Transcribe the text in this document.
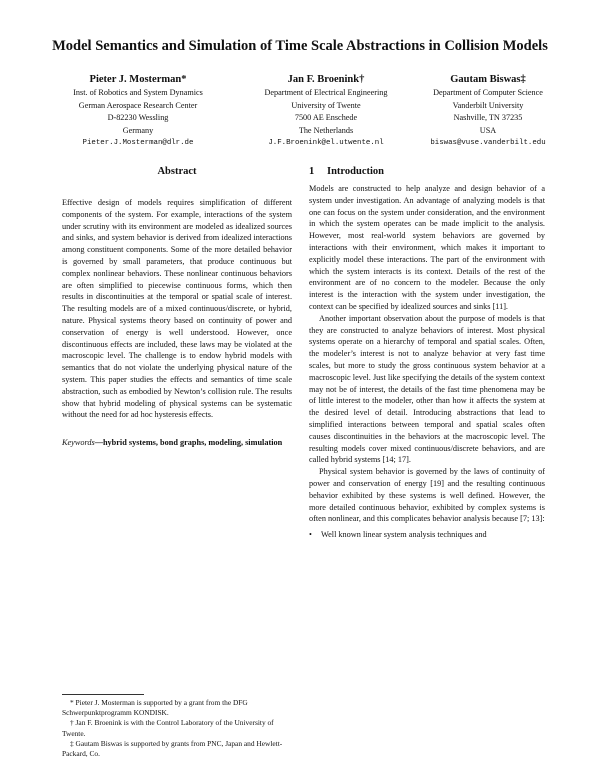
Model Semantics and Simulation of Time Scale Abstractions in Collision Models
Pieter J. Mosterman*
Inst. of Robotics and System Dynamics
German Aerospace Research Center
D-82230 Wessling
Germany
Pieter.J.Mosterman@dlr.de
Jan F. Broenink†
Department of Electrical Engineering
University of Twente
7500 AE Enschede
The Netherlands
J.F.Broenink@el.utwente.nl
Gautam Biswas‡
Department of Computer Science
Vanderbilt University
Nashville, TN 37235
USA
biswas@vuse.vanderbilt.edu
Abstract

Effective design of models requires simplification of different components of the system. For example, interactions of the system under scrutiny with its environment are modeled as idealized sources and sinks, and system behavior is derived from idealized interactions among constituent components. Some of the more detailed behavior is governed by small parameters, that produce continuous but complex nonlinear behaviors. These nonlinear continuous behaviors are often simplified to piecewise continuous forms, which then results in discontinuities at the temporal or spatial scale of interest. The resulting models are of a mixed continuous/discrete, or hybrid, nature. Physical systems theory based on continuity of power and conservation of energy is well understood. However, once discontinuous effects are included, these laws may be violated at the macroscopic level. The challenge is to endow hybrid models with semantics that do not violate the underlying physical nature of the system. This paper studies the effects and semantics of time scale abstraction, such as embodied by Newton’s collision rule. The results show that hybrid modeling of physical systems can be systematic without the need for ad hoc hysteresis effects.

Keywords—hybrid systems, bond graphs, modeling, simulation

* Pieter J. Mosterman is supported by a grant from the DFG Schwerpunktprogramm KONDISK.

† Jan F. Broenink is with the Control Laboratory of the University of Twente.

‡ Gautam Biswas is supported by grants from PNC, Japan and Hewlett-Packard, Co.

1 Introduction

Models are constructed to help analyze and design behavior of a system under investigation. An advantage of analyzing models is that one can focus on the system under consideration, and the environment in which the system operates can be made implicit to the analysis. However, most real-world system behaviors are governed by interactions with their environment, which makes it important to explicitly model these interactions. The part of the environment with which the system interacts is its context. Details of the rest of the environment are of no concern to the modeler. Because the only interest is the interaction with the system under investigation, the context can be specified by idealized sources and sinks [11].

Another important observation about the purpose of models is that they are constructed to analyze behaviors of interest. Most physical systems operate on a hierarchy of temporal and spatial scales. Often, the modeler’s interest is not to analyze behavior at very fast time scales, but more to study the gross continuous system behavior at a macroscopic level. Just like specifying the details of the system context may not be of interest, the details of the fast time phenomena may be of little interest to the modeler, other than how it affects the system at the desired level of detail. Introducing abstractions that lead to simplified interactions between temporal and spatial scales often causes discontinuities in the behaviors at the macroscopic level. The resulting models cover mixed continuous/discrete behaviors, and are called hybrid systems [14; 17].

Physical system behavior is governed by the laws of continuity of power and conservation of energy [19] and the resulting continuous behavior exhibited by these systems is well defined. However, the more detailed continuous behavior, exhibited by complex systems is often nonlinear, and this complicates behavior analysis because [7; 13]:

• Well known linear system analysis techniques and
